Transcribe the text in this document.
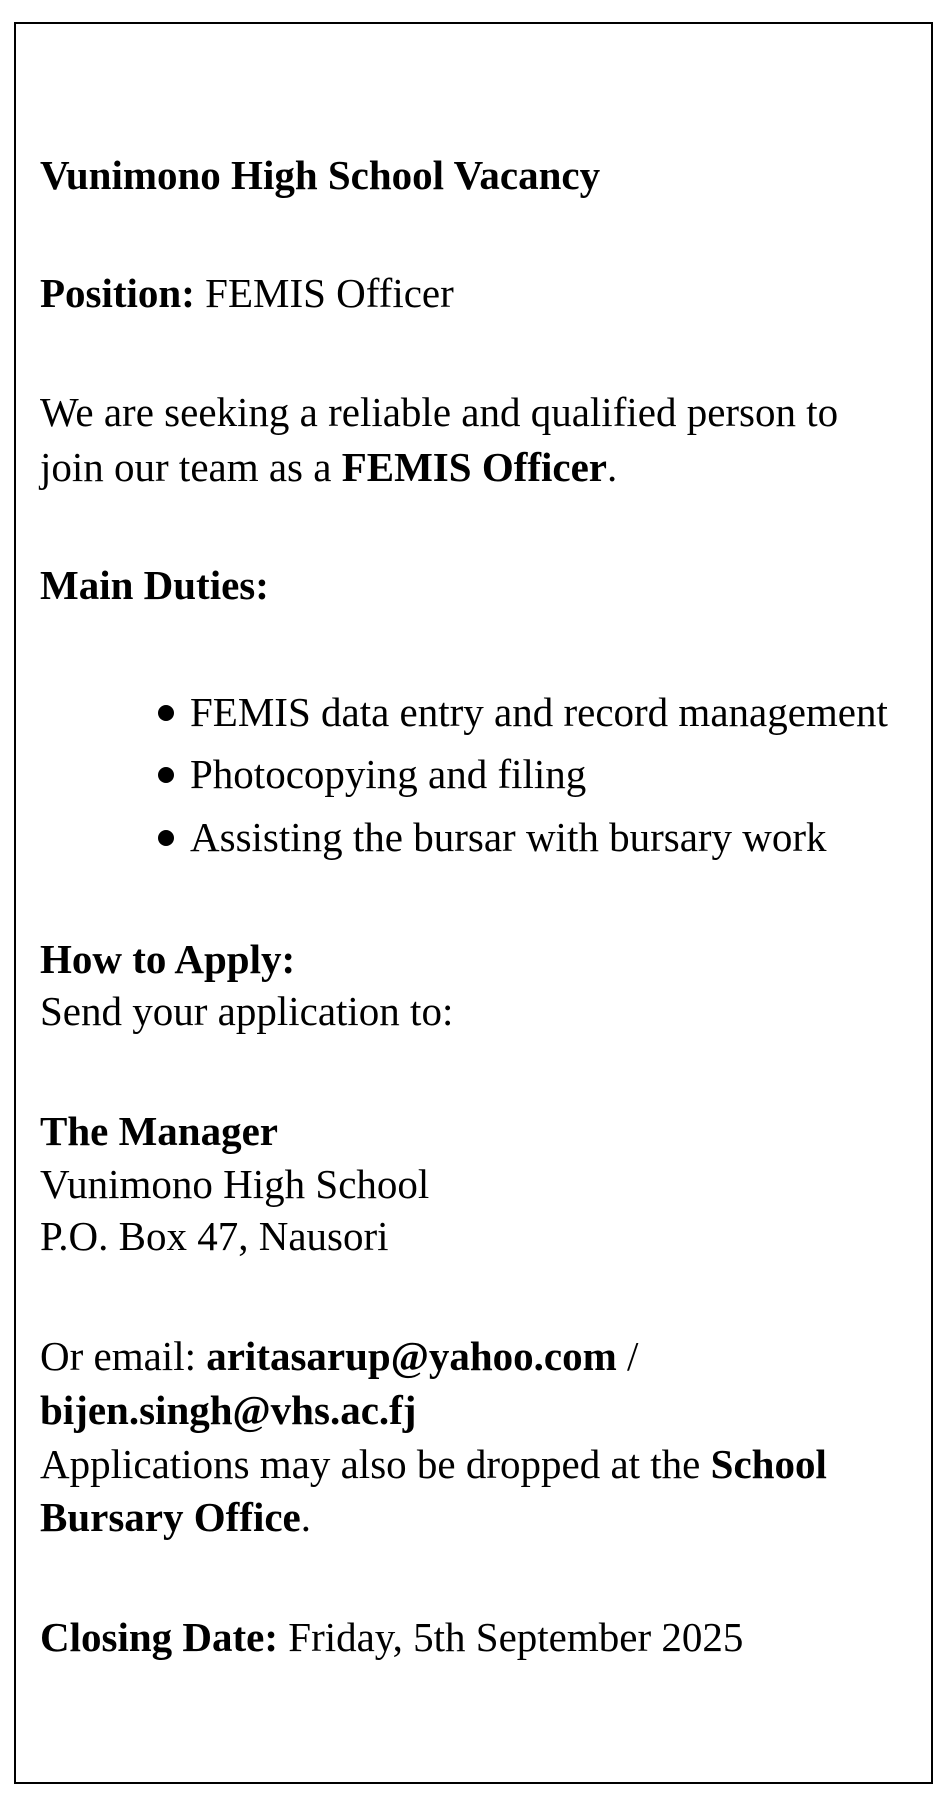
Vunimono High School Vacancy
Position: FEMIS Officer
We are seeking a reliable and qualified person to
join our team as a FEMIS Officer.
Main Duties:
FEMIS data entry and record management
Photocopying and filing
Assisting the bursar with bursary work
How to Apply:
Send your application to:
The Manager
Vunimono High School
P.O. Box 47, Nausori
Or email: aritasarup@yahoo.com /
bijen.singh@vhs.ac.fj
Applications may also be dropped at the School
Bursary Office.
Closing Date: Friday, 5th September 2025
